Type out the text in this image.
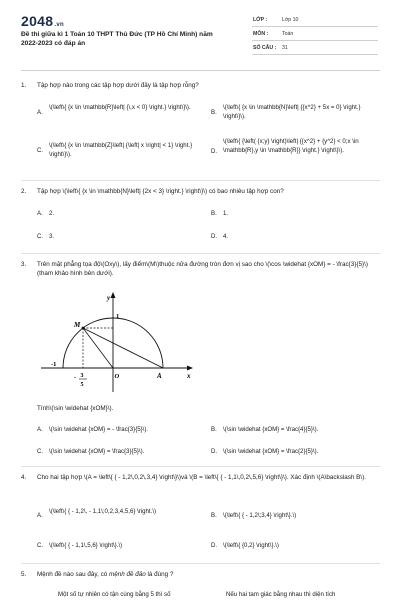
2048.vn
Đề thi giữa kì 1 Toán 10 THPT Thủ Đức (TP Hồ Chí Minh) năm 2022-2023 có đáp án
LỚP :	Lớp 10
MÔN :	Toán
SỐ CÂU : 31
1.	Tập hợp nào trong các tập hợp dưới đây là tập hợp rỗng?
A.
\(\left\{ {x \in \mathbb{R}\left| {\,x < 0} \right.} \right\}\).
B.
\(\left\{ {x \in \mathbb{N}\left| {{x^2} + 5x = 0} \right.} \right\}\).
C.
\(\left\{ {x \in \mathbb{Z}\left| {\left| x \right| < 1} \right.} \right\}\).	D.
\(\left\{ {\left( {x;y} \right)\left| {{x^2} + {y^2} < 0;x \in \mathbb{R},y \in \mathbb{R}} \right.} \right\}\).
2.	Tập hợp \(\left\{ {x \in \mathbb{N}\left| {2x < 3} \right.} \right\}\) có bao nhiêu tập hợp con?
A. 2.	B. 1.
C. 3.	D. 4.
3.	Trên mặt phẳng tọa độ\(Oxy\), lấy điểm\(M\)thuộc nửa đường tròn đơn vị sao cho \(\cos \widehat {xOM} = - \frac{3}{5}\) (tham khảo hình bên dưới).
y
x
M
A
O
1
-1
- 3
5
Tính\(\sin \widehat {xOM}\).
A. \(\sin \widehat {xOM} = - \frac{3}{5}\).	B. \(\sin \widehat {xOM} = \frac{4}{5}\).
C. \(\sin \widehat {xOM} = \frac{3}{5}\).	D. \(\sin \widehat {xOM} = \frac{2}{5}\).
4.	Cho hai tập hợp \(A = \left\{ { - 1,2\,0,2\,3,4} \right\}\)và \(B = \left\{ { - 1,1\,0,2\,5,6} \right\}\). Xác định \(A\backslash B\).
A.
\(\left\{ { - 1,2\, - 1,1\;0,2,3,4,5,6} \right.\)
B. \(\left\{ { - 1,2\;3,4} \right\}.\)
C. \(\left\{ { - 1,1\,5,6} \right\}.\)	D. \(\left\{ {0,2} \right\}.\)
5.	Mệnh đề nào sau đây, có mệnh đề đảo là đúng ?
Một số tự nhiên có tận cùng bằng 5 thì số	Nếu hai tam giác bằng nhau thì diện tích
